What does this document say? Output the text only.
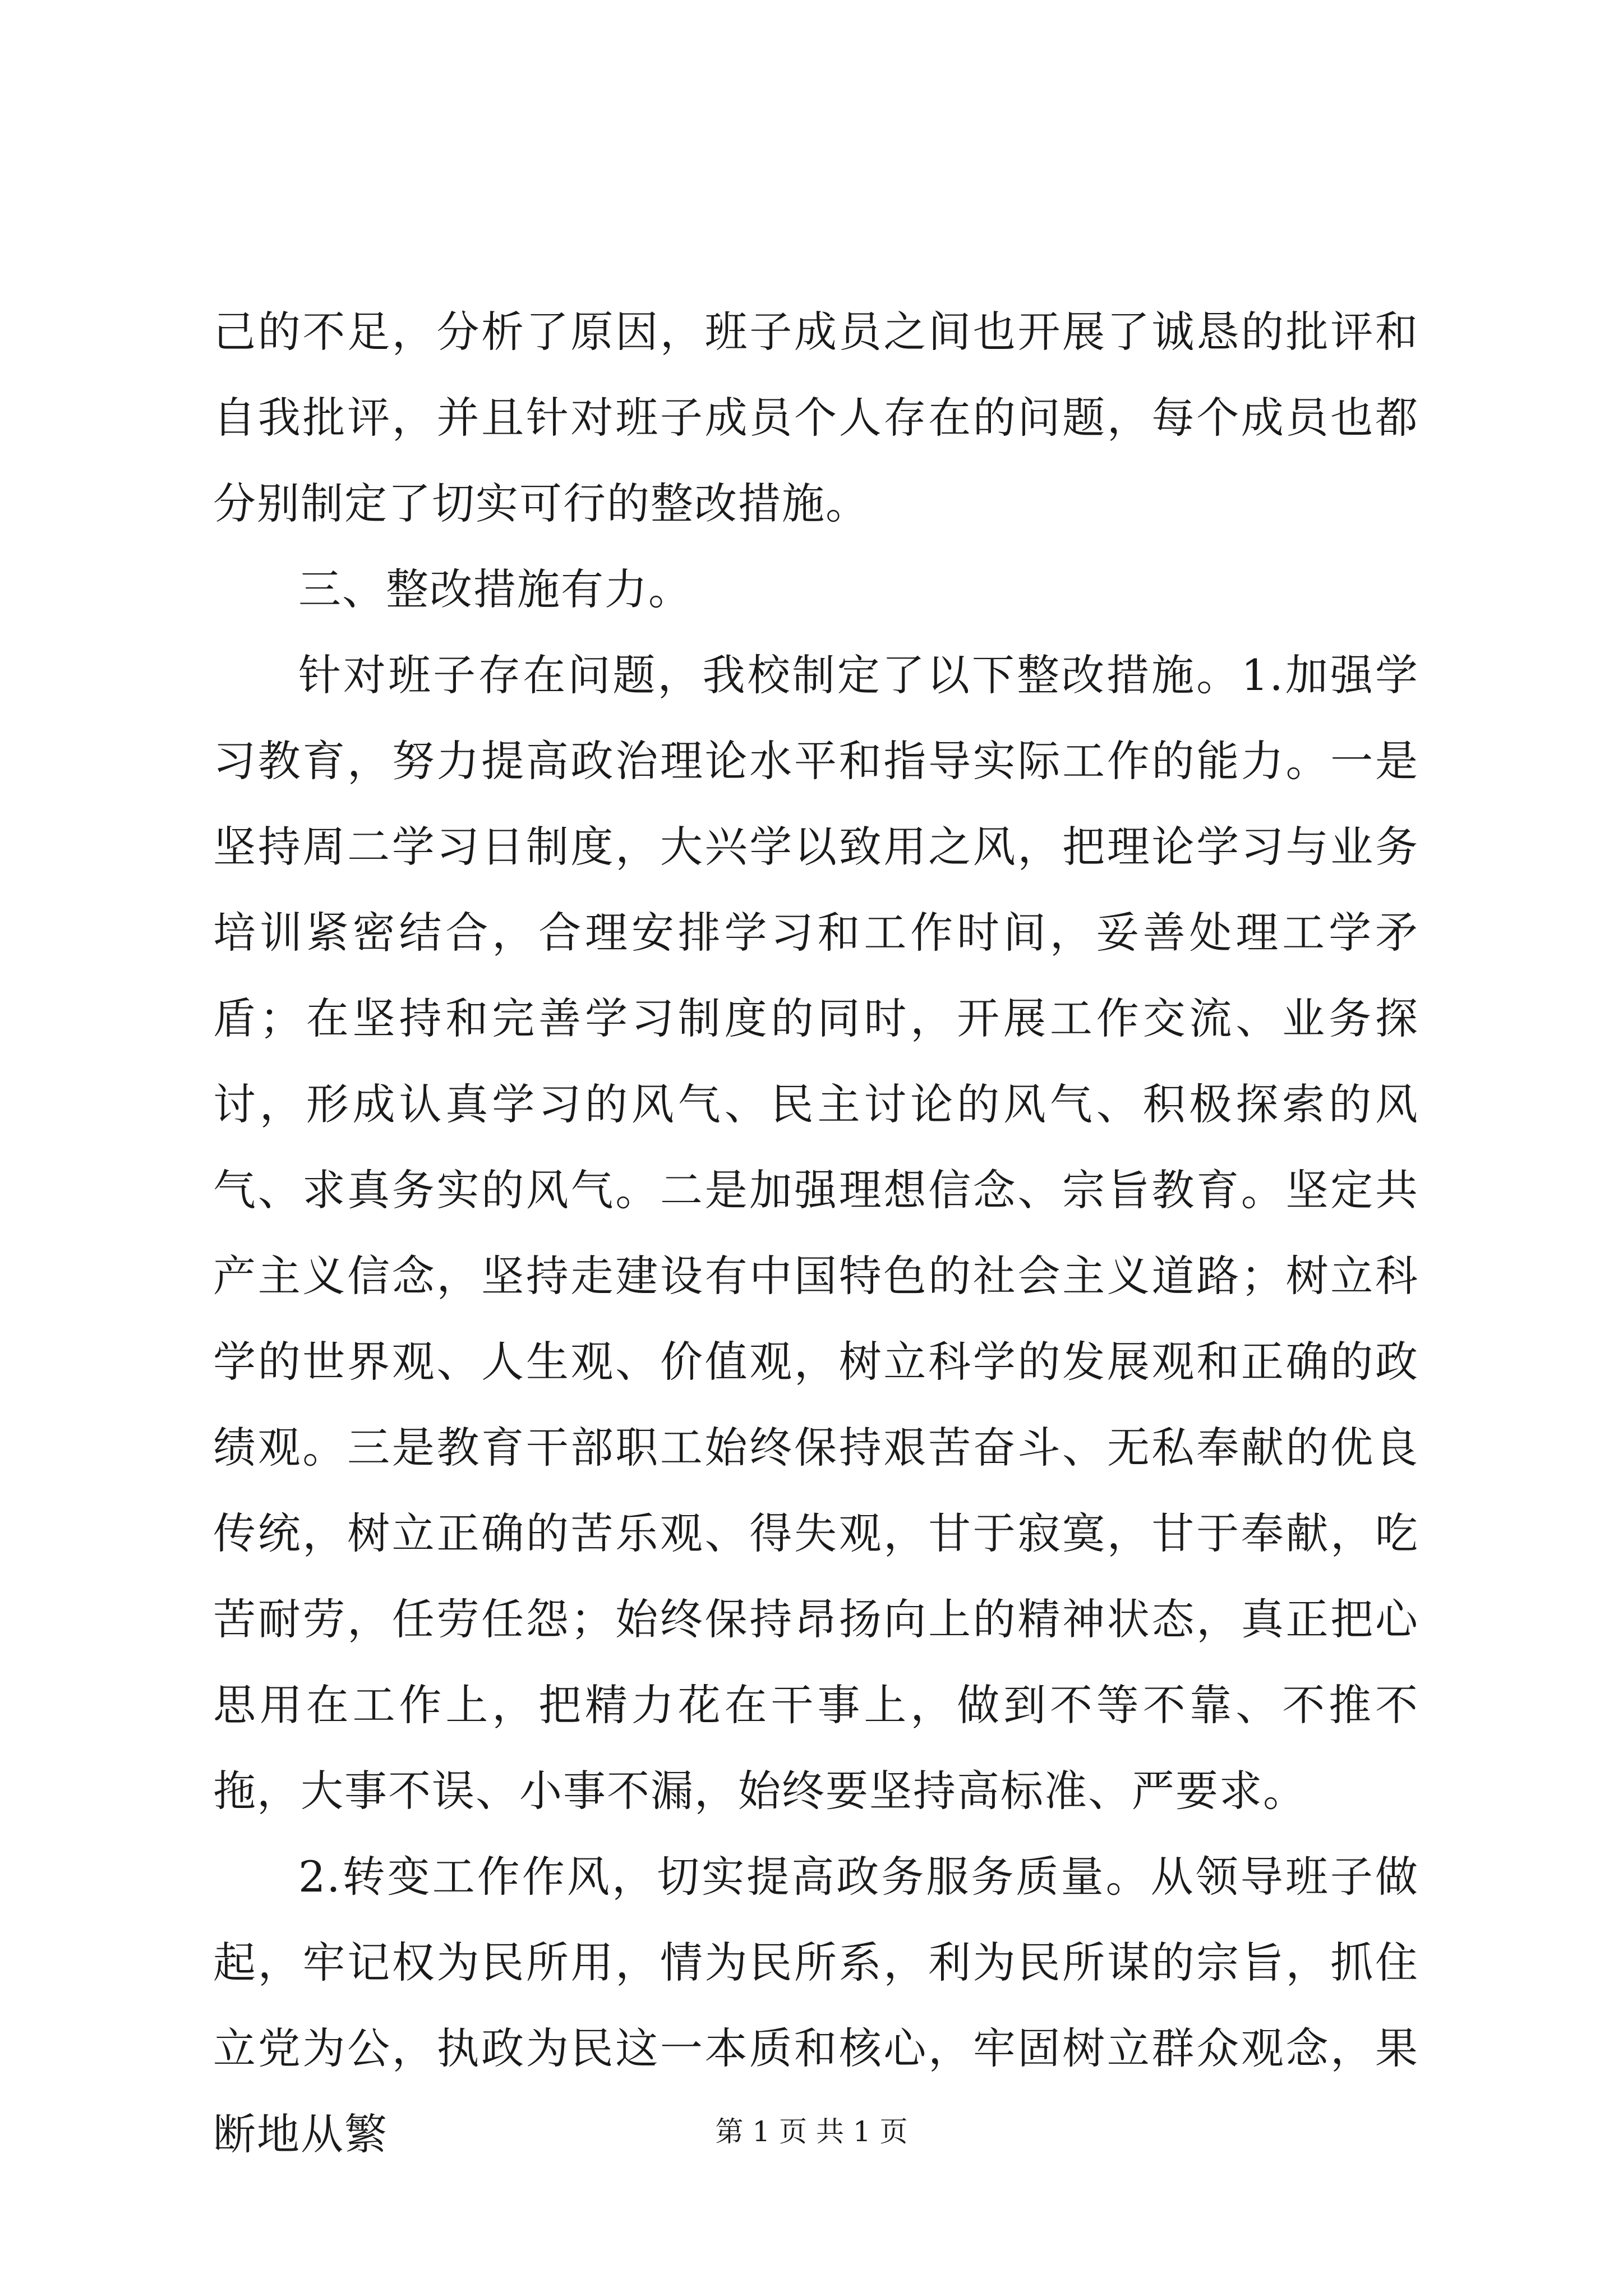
己的不足，分析了原因，班子成员之间也开展了诚恳的批评和自我批评，并且针对班子成员个人存在的问题，每个成员也都分别制定了切实可行的整改措施。

三、整改措施有力。

针对班子存在问题，我校制定了以下整改措施。1.加强学习教育，努力提高政治理论水平和指导实际工作的能力。一是坚持周二学习日制度，大兴学以致用之风，把理论学习与业务培训紧密结合，合理安排学习和工作时间，妥善处理工学矛盾；在坚持和完善学习制度的同时，开展工作交流、业务探讨，形成认真学习的风气、民主讨论的风气、积极探索的风气、求真务实的风气。二是加强理想信念、宗旨教育。坚定共产主义信念，坚持走建设有中国特色的社会主义道路；树立科学的世界观、人生观、价值观，树立科学的发展观和正确的政绩观。三是教育干部职工始终保持艰苦奋斗、无私奉献的优良传统，树立正确的苦乐观、得失观，甘于寂寞，甘于奉献，吃苦耐劳，任劳任怨；始终保持昂扬向上的精神状态，真正把心思用在工作上，把精力花在干事上，做到不等不靠、不推不拖，大事不误、小事不漏，始终要坚持高标准、严要求。

2.转变工作作风，切实提高政务服务质量。从领导班子做起，牢记权为民所用，情为民所系，利为民所谋的宗旨，抓住立党为公，执政为民这一本质和核心，牢固树立群众观念，果断地从繁	第 1 页 共 1 页
